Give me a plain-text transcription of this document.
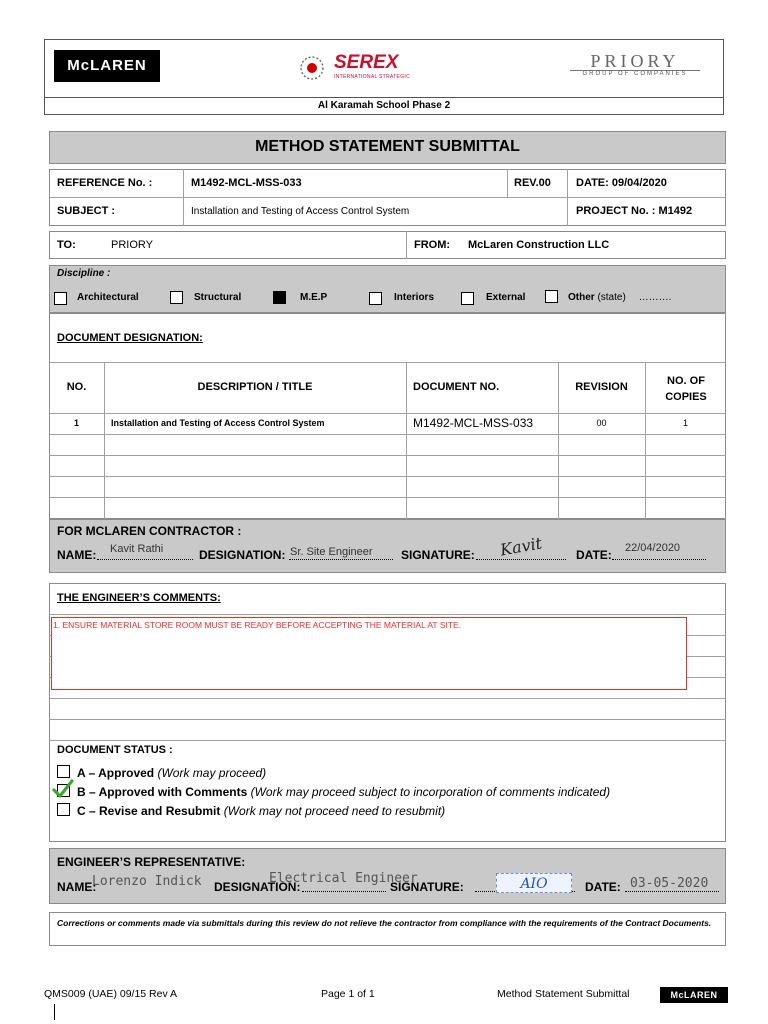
McLAREN	SEREX
INTERNATIONAL STRATEGIC
PRIORY
GROUP OF COMPANIES
Al Karamah School Phase 2
METHOD STATEMENT SUBMITTAL
REFERENCE No. :	M1492-MCL-MSS-033	REV.00 DATE: 09/04/2020
SUBJECT :	Installation and Testing of Access Control System	PROJECT No. : M1492
TO:	PRIORY	FROM: McLaren Construction LLC
Discipline :
Architectural	Structural	M.E.P	Interiors	External	Other (state) ……….
DOCUMENT DESIGNATION:
NO.	DESCRIPTION / TITLE	DOCUMENT NO.	REVISION	NO. OF COPIES
1	Installation and Testing of Access Control System	M1492-MCL-MSS-033	00	1
FOR MCLAREN CONTRACTOR :
NAME: Kavit Rathi	DESIGNATION: Sr. Site Engineer SIGNATURE: Kavit	DATE: 22/04/2020
THE ENGINEER’S COMMENTS:
1. ENSURE MATERIAL STORE ROOM MUST BE READY BEFORE ACCEPTING THE MATERIAL AT SITE.
DOCUMENT STATUS :
A – Approved (Work may proceed)
B – Approved with Comments (Work may proceed subject to incorporation of comments indicated)
C – Revise and Resubmit (Work may not proceed need to resubmit)
ENGINEER’S REPRESENTATIVE:
NAME:
Lorenzo Indick DESIGNATION:
Electrical Engineer
SIGNATURE:	AIO	DATE: 03-05-2020
Corrections or comments made via submittals during this review do not relieve the contractor from compliance with the requirements of the Contract Documents.
QMS009 (UAE) 09/15 Rev A	Page 1 of 1	Method Statement Submittal	McLAREN
